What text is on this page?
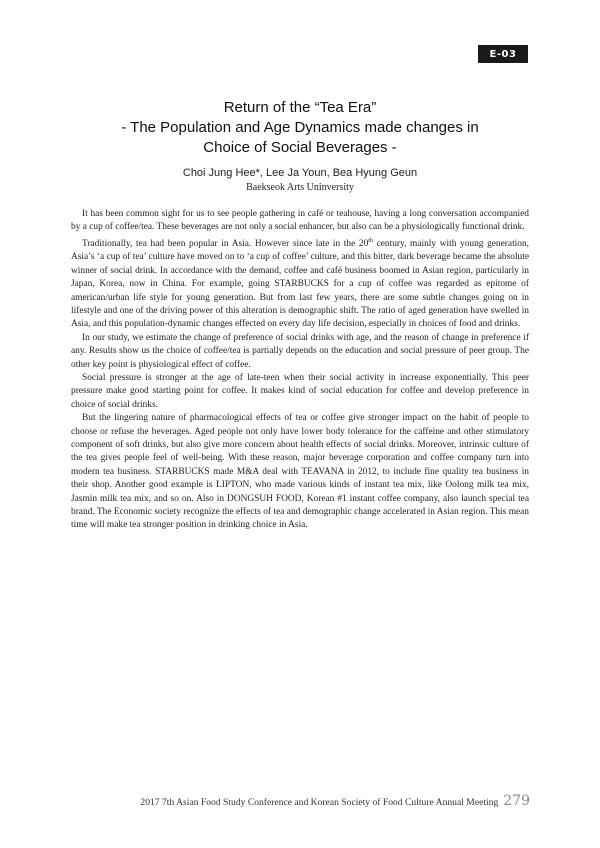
E-03
Return of the “Tea Era”
- The Population and Age Dynamics made changes in
Choice of Social Beverages -
Choi Jung Hee*, Lee Ja Youn, Bea Hyung Geun
Baekseok Arts Uninversity

It has been common sight for us to see people gathering in café or teahouse, having a long conversation accompanied by a cup of coffee/tea. These beverages are not only a social enhancer, but also can be a physiologically functional drink.

Traditionally, tea had been popular in Asia. However since late in the 20th century, mainly with young generation, Asia’s ‘a cup of tea’ culture have moved on to ‘a cup of coffee’ culture, and this bitter, dark beverage became the absolute winner of social drink. In accordance with the demand, coffee and café business boomed in Asian region, particularly in Japan, Korea, now in China. For example, going STARBUCKS for a cup of coffee was regarded as epitome of american/urban life style for young generation. But from last few years, there are some subtle changes going on in lifestyle and one of the driving power of this alteration is demographic shift. The ratio of aged generation have swelled in Asia, and this population-dynamic changes effected on every day life decision, especially in choices of food and drinks.

In our study, we estimate the change of preference of social drinks with age, and the reason of change in preference if any. Results show us the choice of coffee/tea is partially depends on the education and social pressure of peer group. The other key point is physiological effect of coffee.

Social pressure is stronger at the age of late-teen when their social activity in increase exponentially. This peer pressure make good starting point for coffee. It makes kind of social education for coffee and develop preference in choice of social drinks.

But the lingering nature of pharmacological effects of tea or coffee give stronger impact on the habit of people to choose or refuse the beverages. Aged people not only have lower body tolerance for the caffeine and other stimulatory component of soft drinks, but also give more concern about health effects of social drinks. Moreover, intrinsic culture of the tea gives people feel of well-being. With these reason, major beverage corporation and coffee company turn into modern tea business. STARBUCKS made M&A deal with TEAVANA in 2012, to include fine quality tea business in their shop. Another good example is LIPTON, who made various kinds of instant tea mix, like Oolong milk tea mix, Jasmin milk tea mix, and so on. Also in DONGSUH FOOD, Korean #1 instant coffee company, also launch special tea brand. The Economic society recognize the effects of tea and demographic change accelerated in Asian region. This mean time will make tea stronger position in drinking choice in Asia.

2017 7th Asian Food Study Conference and Korean Society of Food Culture Annual Meeting 279
